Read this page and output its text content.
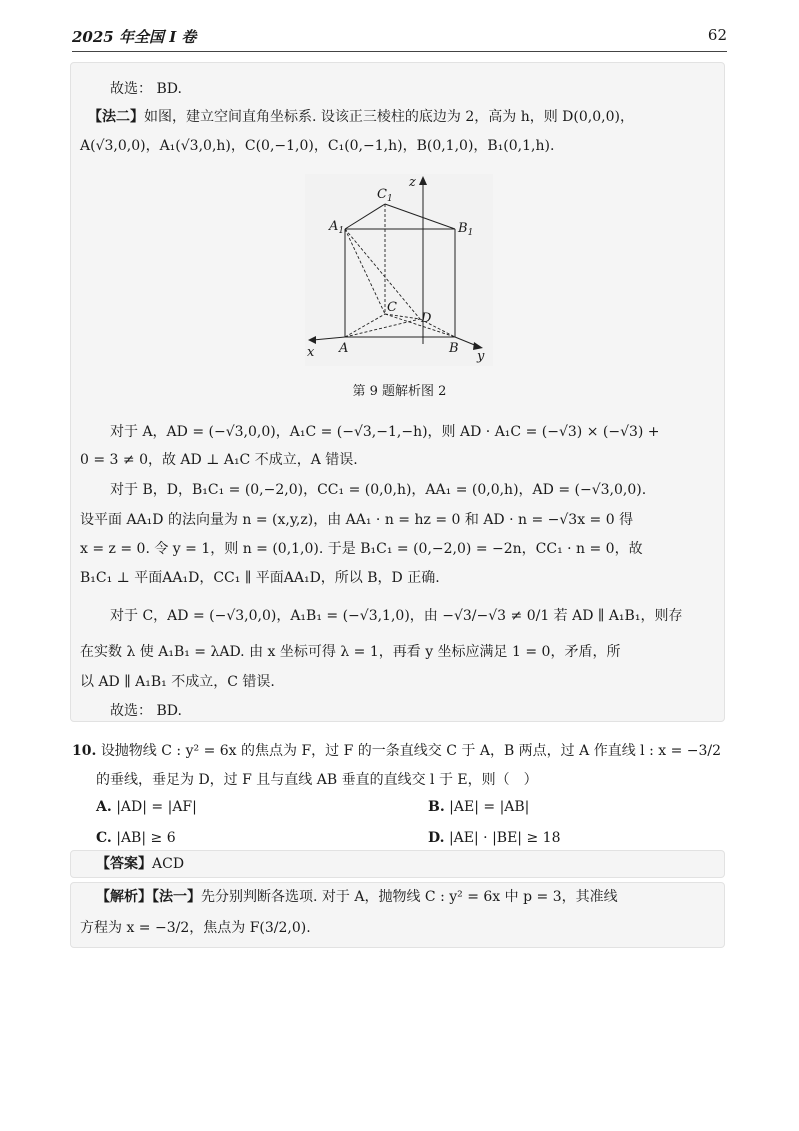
2025 年全国 I 卷	62
故选： BD.
【法二】如图，建立空间直角坐标系. 设该正三棱柱的底边为 2，高为 h，则 D(0,0,0)，
A(√3,0,0)，A₁(√3,0,h)，C(0,−1,0)，C₁(0,−1,h)，B(0,1,0)，B₁(0,1,h).
$C_1$
$A_1$	$B_1$
z
C
D
x A	B
y
第 9 题解析图 2
对于 A，AD = (−√3,0,0)，A₁C = (−√3,−1,−h)，则 AD · A₁C = (−√3) × (−√3) +
0 = 3 ≠ 0，故 AD ⊥ A₁C 不成立，A 错误.
对于 B，D，B₁C₁ = (0,−2,0)，CC₁ = (0,0,h)，AA₁ = (0,0,h)，AD = (−√3,0,0).
设平面 AA₁D 的法向量为 n = (x,y,z)，由 AA₁ · n = hz = 0 和 AD · n = −√3x = 0 得
x = z = 0. 令 y = 1，则 n = (0,1,0). 于是 B₁C₁ = (0,−2,0) = −2n，CC₁ · n = 0，故
B₁C₁ ⊥ 平面AA₁D，CC₁ ∥ 平面AA₁D，所以 B，D 正确.
对于 C，AD = (−√3,0,0)，A₁B₁ = (−√3,1,0)，由 −√3/−√3 ≠ 0/1 若 AD ∥ A₁B₁，则存
在实数 λ 使 A₁B₁ = λAD. 由 x 坐标可得 λ = 1，再看 y 坐标应满足 1 = 0，矛盾，所
以 AD ∥ A₁B₁ 不成立，C 错误.
故选： BD.
10. 设抛物线 C : y² = 6x 的焦点为 F，过 F 的一条直线交 C 于 A，B 两点，过 A 作直线 l : x = −3/2
的垂线，垂足为 D，过 F 且与直线 AB 垂直的直线交 l 于 E，则（　）
A. |AD| = |AF|	B. |AE| = |AB|
C. |AB| ≥ 6	D. |AE| · |BE| ≥ 18
【答案】ACD
【解析】【法一】先分别判断各选项. 对于 A，抛物线 C : y² = 6x 中 p = 3，其准线
方程为 x = −3/2，焦点为 F(3/2,0).
